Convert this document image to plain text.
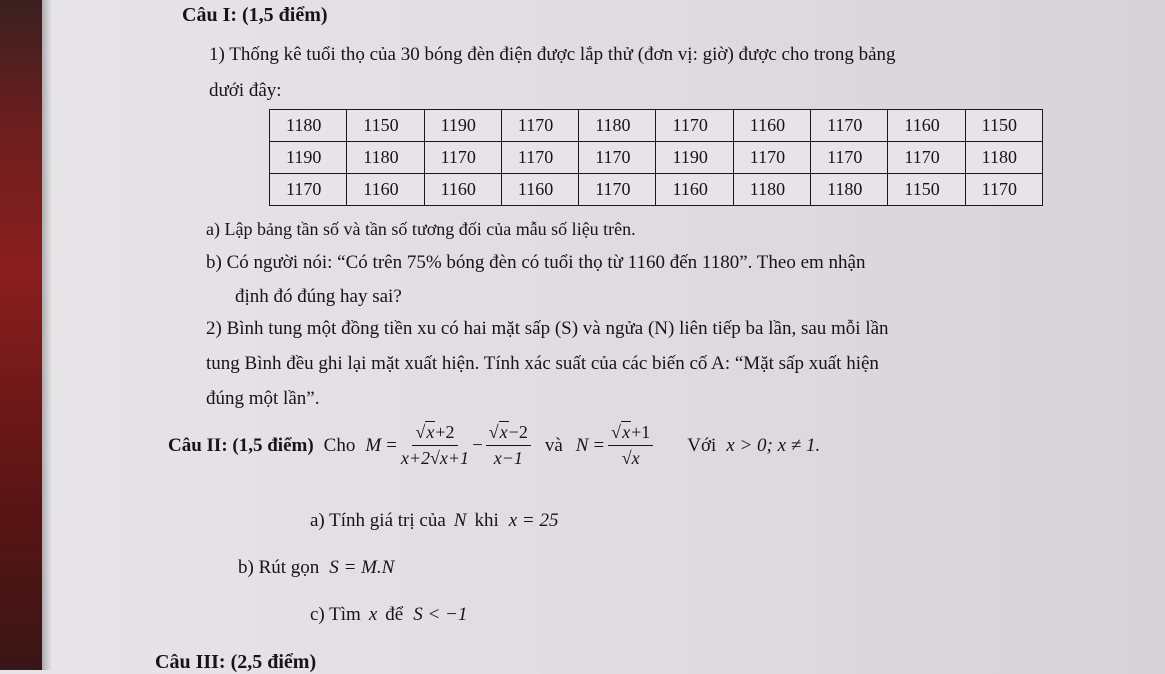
Câu I: (1,5 điểm)
1) Thống kê tuổi thọ của 30 bóng đèn điện được lắp thử (đơn vị: giờ) được cho trong bảng
dưới đây:
1180	1150	1190	1170	1180	1170	1160	1170	1160	1150
1190	1180	1170	1170	1170	1190	1170	1170	1170	1180
1170	1160	1160	1160	1170	1160	1180	1180	1150	1170
a) Lập bảng tần số và tần số tương đối của mẫu số liệu trên.
b) Có người nói: “Có trên 75% bóng đèn có tuổi thọ từ 1160 đến 1180”. Theo em nhận
định đó đúng hay sai?
2) Bình tung một đồng tiền xu có hai mặt sấp (S) và ngửa (N) liên tiếp ba lần, sau mỗi lần
tung Bình đều ghi lại mặt xuất hiện. Tính xác suất của các biến cố A: “Mặt sấp xuất hiện
đúng một lần”.
Câu II: (1,5 điểm) Cho $M = \frac{√x+2}{x+2√x+1} - \frac{√x-2}{x-1}$ và $N = \frac{√x+1}{√x}$ Với x > 0; x ≠ 1.
a) Tính giá trị của N khi x = 25
b) Rút gọn S = M.N
c) Tìm x để S < −1
Câu III: (2,5 điểm)
